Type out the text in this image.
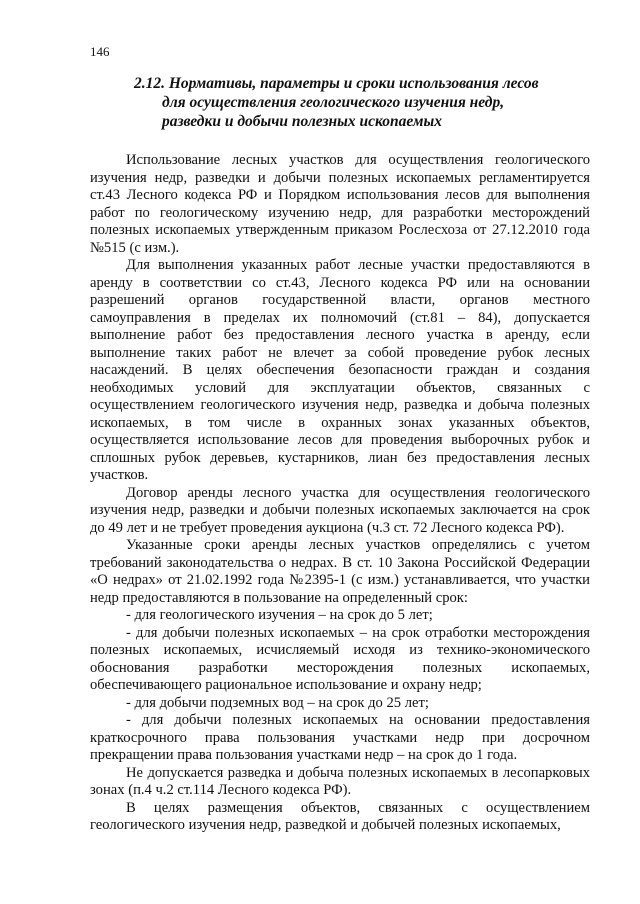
146
2.12. Нормативы, параметры и сроки использования лесов
для осуществления геологического изучения недр,
разведки и добычи полезных ископаемых

Использование лесных участков для осуществления геологического изучения недр, разведки и добычи полезных ископаемых регламентируется ст.43 Лесного кодекса РФ и Порядком использования лесов для выполнения работ по геологическому изучению недр, для разработки месторождений полезных ископаемых утвержденным приказом Рослесхоза от 27.12.2010 года №515 (с изм.).

Для выполнения указанных работ лесные участки предоставляются в аренду в соответствии со ст.43, Лесного кодекса РФ или на основании разрешений органов государственной власти, органов местного самоуправления в пределах их полномочий (ст.81 – 84), допускается выполнение работ без предоставления лесного участка в аренду, если выполнение таких работ не влечет за собой проведение рубок лесных насаждений. В целях обеспечения безопасности граждан и создания необходимых условий для эксплуатации объектов, связанных с осуществлением геологического изучения недр, разведка и добыча полезных ископаемых, в том числе в охранных зонах указанных объектов, осуществляется использование лесов для проведения выборочных рубок и сплошных рубок деревьев, кустарников, лиан без предоставления лесных участков.

Договор аренды лесного участка для осуществления геологического изучения недр, разведки и добычи полезных ископаемых заключается на срок до 49 лет и не требует проведения аукциона (ч.3 ст. 72 Лесного кодекса РФ).

Указанные сроки аренды лесных участков определялись с учетом требований законодательства о недрах. В ст. 10 Закона Российской Федерации «О недрах» от 21.02.1992 года №2395-1 (с изм.) устанавливается, что участки недр предоставляются в пользование на определенный срок:

- для геологического изучения – на срок до 5 лет;

- для добычи полезных ископаемых – на срок отработки месторождения полезных ископаемых, исчисляемый исходя из технико-экономического обоснования разработки месторождения полезных ископаемых, обеспечивающего рациональное использование и охрану недр;

- для добычи подземных вод – на срок до 25 лет;

- для добычи полезных ископаемых на основании предоставления краткосрочного права пользования участками недр при досрочном прекращении права пользования участками недр – на срок до 1 года.

Не допускается разведка и добыча полезных ископаемых в лесопарковых зонах (п.4 ч.2 ст.114 Лесного кодекса РФ).

В целях размещения объектов, связанных с осуществлением геологического изучения недр, разведкой и добычей полезных ископаемых,
